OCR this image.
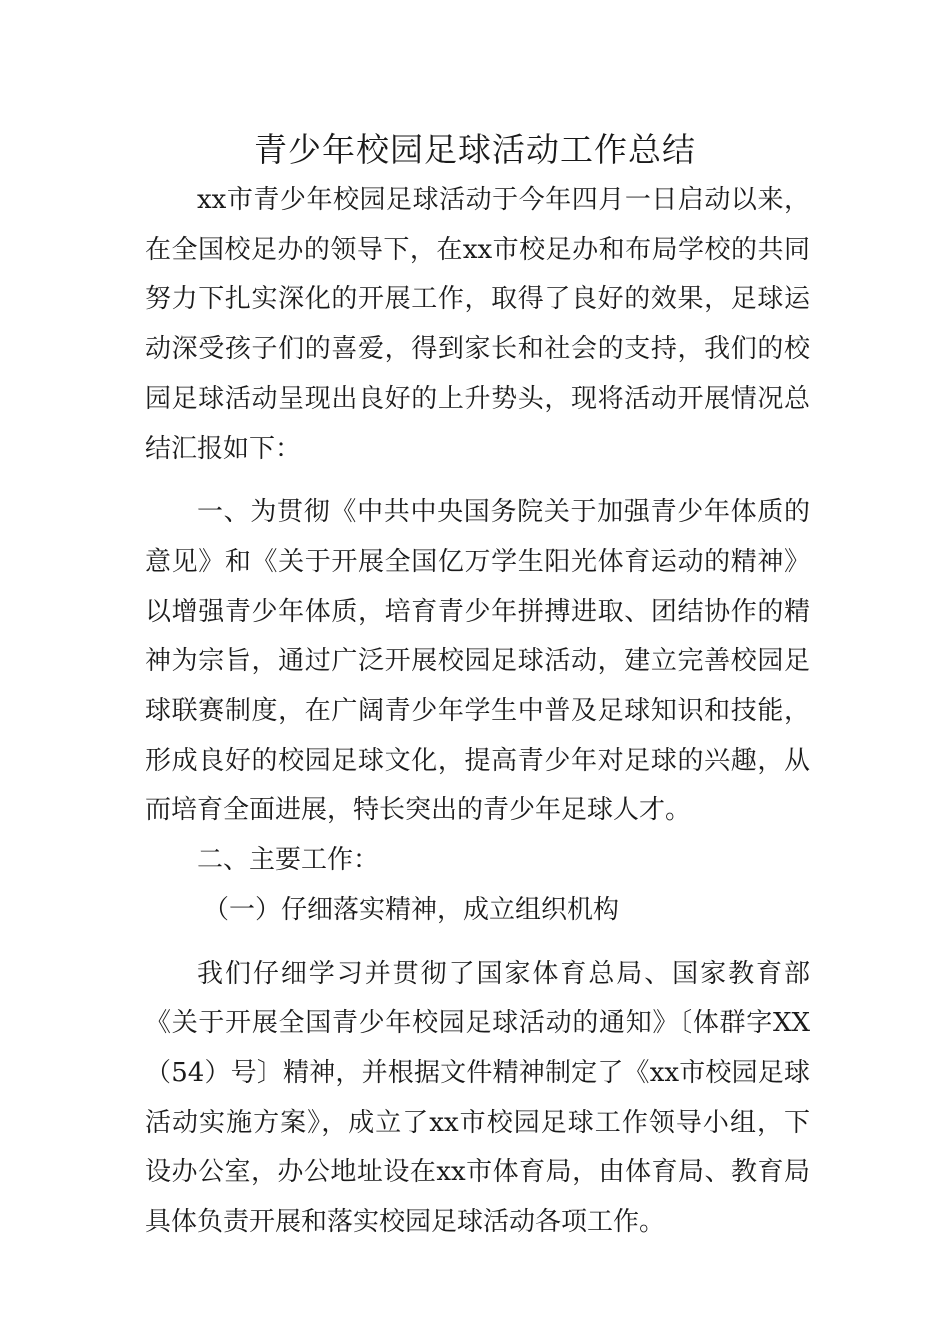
青少年校园足球活动工作总结

xx市青少年校园足球活动于今年四月一日启动以来，在全国校足办的领导下，在xx市校足办和布局学校的共同努力下扎实深化的开展工作，取得了良好的效果，足球运动深受孩子们的喜爱，得到家长和社会的支持，我们的校园足球活动呈现出良好的上升势头，现将活动开展情况总结汇报如下：

一、为贯彻《中共中央国务院关于加强青少年体质的意见》和《关于开展全国亿万学生阳光体育运动的精神》以增强青少年体质，培育青少年拼搏进取、团结协作的精神为宗旨，通过广泛开展校园足球活动，建立完善校园足球联赛制度，在广阔青少年学生中普及足球知识和技能，形成良好的校园足球文化，提高青少年对足球的兴趣，从而培育全面进展，特长突出的青少年足球人才。

二、主要工作：

（一）仔细落实精神，成立组织机构

我们仔细学习并贯彻了国家体育总局、国家教育部《关于开展全国青少年校园足球活动的通知》〔体群字XX（54）号〕精神，并根据文件精神制定了《xx市校园足球活动实施方案》，成立了xx市校园足球工作领导小组，下设办公室，办公地址设在xx市体育局，由体育局、教育局具体负责开展和落实校园足球活动各项工作。
